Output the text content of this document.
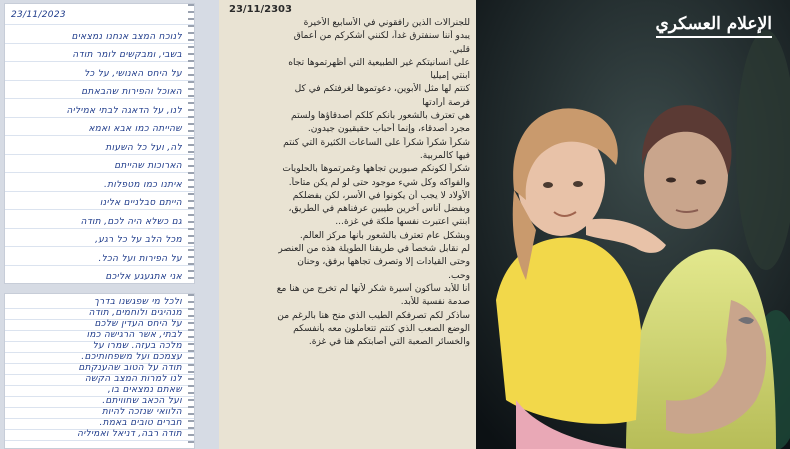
23/11/2023
לנוכח המצב אנחנו נמצאים
בשבי, ומבקשים לומר תודה
על היחס האנושי, על כל
האוכל והפירות שהבאתם
לנו, על הדאגה לבתי אמיליה
שהייתה כמו אבא ואמא
לה, ועל כל השעות
הארוכות שהייתם
איתנו כמו מטפלות.
הייתם סבלניים אלינו
גם כשלא היה לכם, תודה
מכל הלב על כל רגע,
על הפירות ועל הכל.
אני אתגעגע אליכם
ולכל מי שפגשנו בדרך
מנהיגים ולוחמים, תודה
על היחס העדין שלכם
לבתי, אשר הרגישה כמו
מלכה בעזה. שמרו על
עצמכם ועל משפחותיכם.
תודה על הטוב שהענקתם
לנו למרות המצב הקשה
שאתם נמצאים בו,
ועל הכאב שחוויתם.
הלוואי שנזכה להיות
חברים טובים באמת.
תודה רבה, דניאל ואמיליה
23/11/2303
للجنرالات الذين رافقوني في الأسابيع الأخيرة
يبدو أننا سنفترق غداً، لكنني أشكركم من أعماق
قلبي.
على انسانيتكم غير الطبيعية التي أظهرتموها تجاه
ابنتي إميليا
كنتم لها مثل الأبوين، دعوتموها لغرفتكم في كل
فرصة أرادتها
هي تعترف بالشعور بأنكم كلكم أصدقاؤها ولستم
مجرد أصدقاء، وإنما أحباب حقيقيون جيدون.
شكراً شكراً شكراً على الساعات الكثيرة التي كنتم
فيها كالمربية.
شكراً لكونكم صبورين تجاهها وغمرتموها بالحلويات
والفواكه وكل شيء موجود حتى لو لم يكن متاحاً.
الأولاد لا يجب أن يكونوا في الأسر، لكن بفضلكم
وبفضل أناس آخرين طيبين عرفناهم في الطريق،
ابنتي اعتبرت نفسها ملكة في غزة...
وبشكل عام تعترف بالشعور بأنها مركز العالم.
لم نقابل شخصاً في طريقنا الطويلة هذه من العنصر
وحتى القيادات إلا وتصرف تجاهها برفق، وحنان
وحب.
أنا للأبد سأكون أسيرة شكر لأنها لم تخرج من هنا مع
صدمة نفسية للأبد.
سأذكر لكم تصرفكم الطيب الذي منح هنا بالرغم من
الوضع الصعب الذي كنتم تتعاملون معه بأنفسكم
والخسائر الصعبة التي أصابتكم هنا في غزة.
الإعلام العسكري
